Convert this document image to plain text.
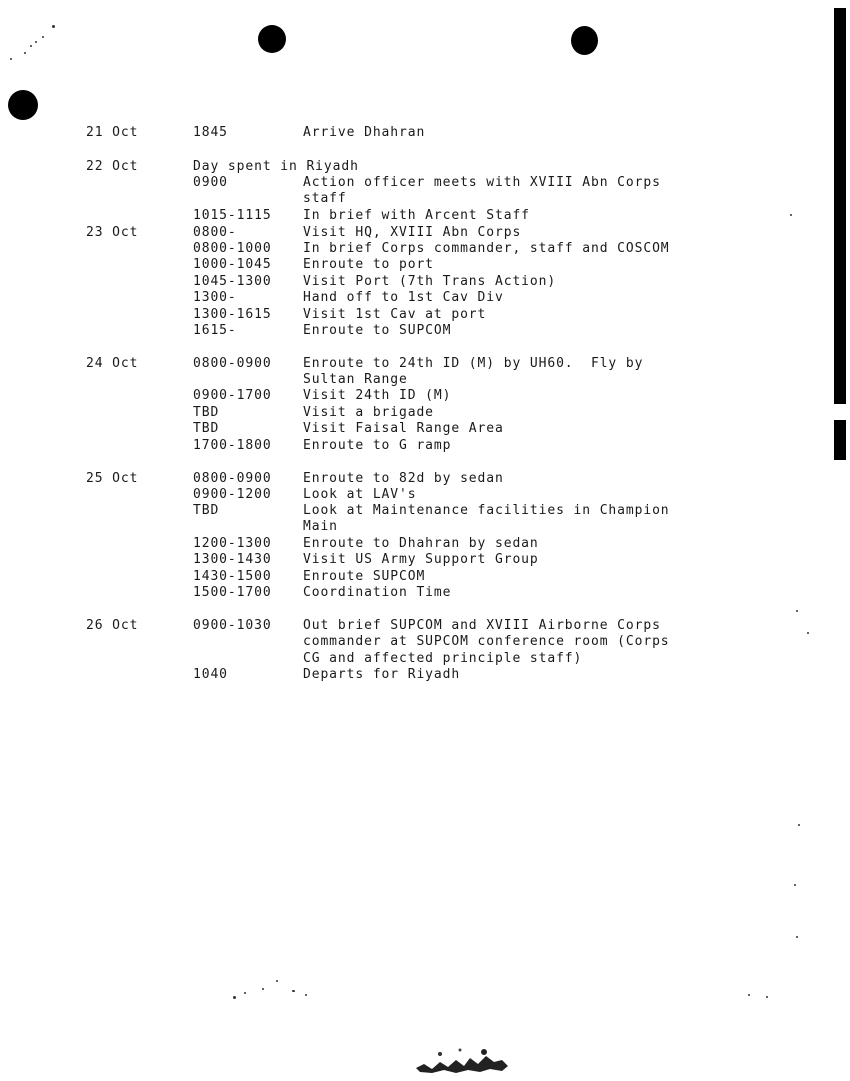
21 Oct	1845	Arrive Dhahran
22 Oct	Day spent in Riyadh
0900	Action officer meets with XVIII Abn Corps
staff
1015-1115 In brief with Arcent Staff
23 Oct	0800-	Visit HQ, XVIII Abn Corps
0800-1000 In brief Corps commander, staff and COSCOM
1000-1045 Enroute to port
1045-1300 Visit Port (7th Trans Action)
1300-	Hand off to 1st Cav Div
1300-1615 Visit 1st Cav at port
1615-	Enroute to SUPCOM
24 Oct	0800-0900 Enroute to 24th ID (M) by UH60.  Fly by
Sultan Range
0900-1700 Visit 24th ID (M)
TBD	Visit a brigade
TBD	Visit Faisal Range Area
1700-1800 Enroute to G ramp
25 Oct	0800-0900 Enroute to 82d by sedan
0900-1200 Look at LAV's
TBD	Look at Maintenance facilities in Champion
Main
1200-1300 Enroute to Dhahran by sedan
1300-1430 Visit US Army Support Group
1430-1500 Enroute SUPCOM
1500-1700 Coordination Time
26 Oct	0900-1030 Out brief SUPCOM and XVIII Airborne Corps
commander at SUPCOM conference room (Corps
CG and affected principle staff)
1040	Departs for Riyadh
